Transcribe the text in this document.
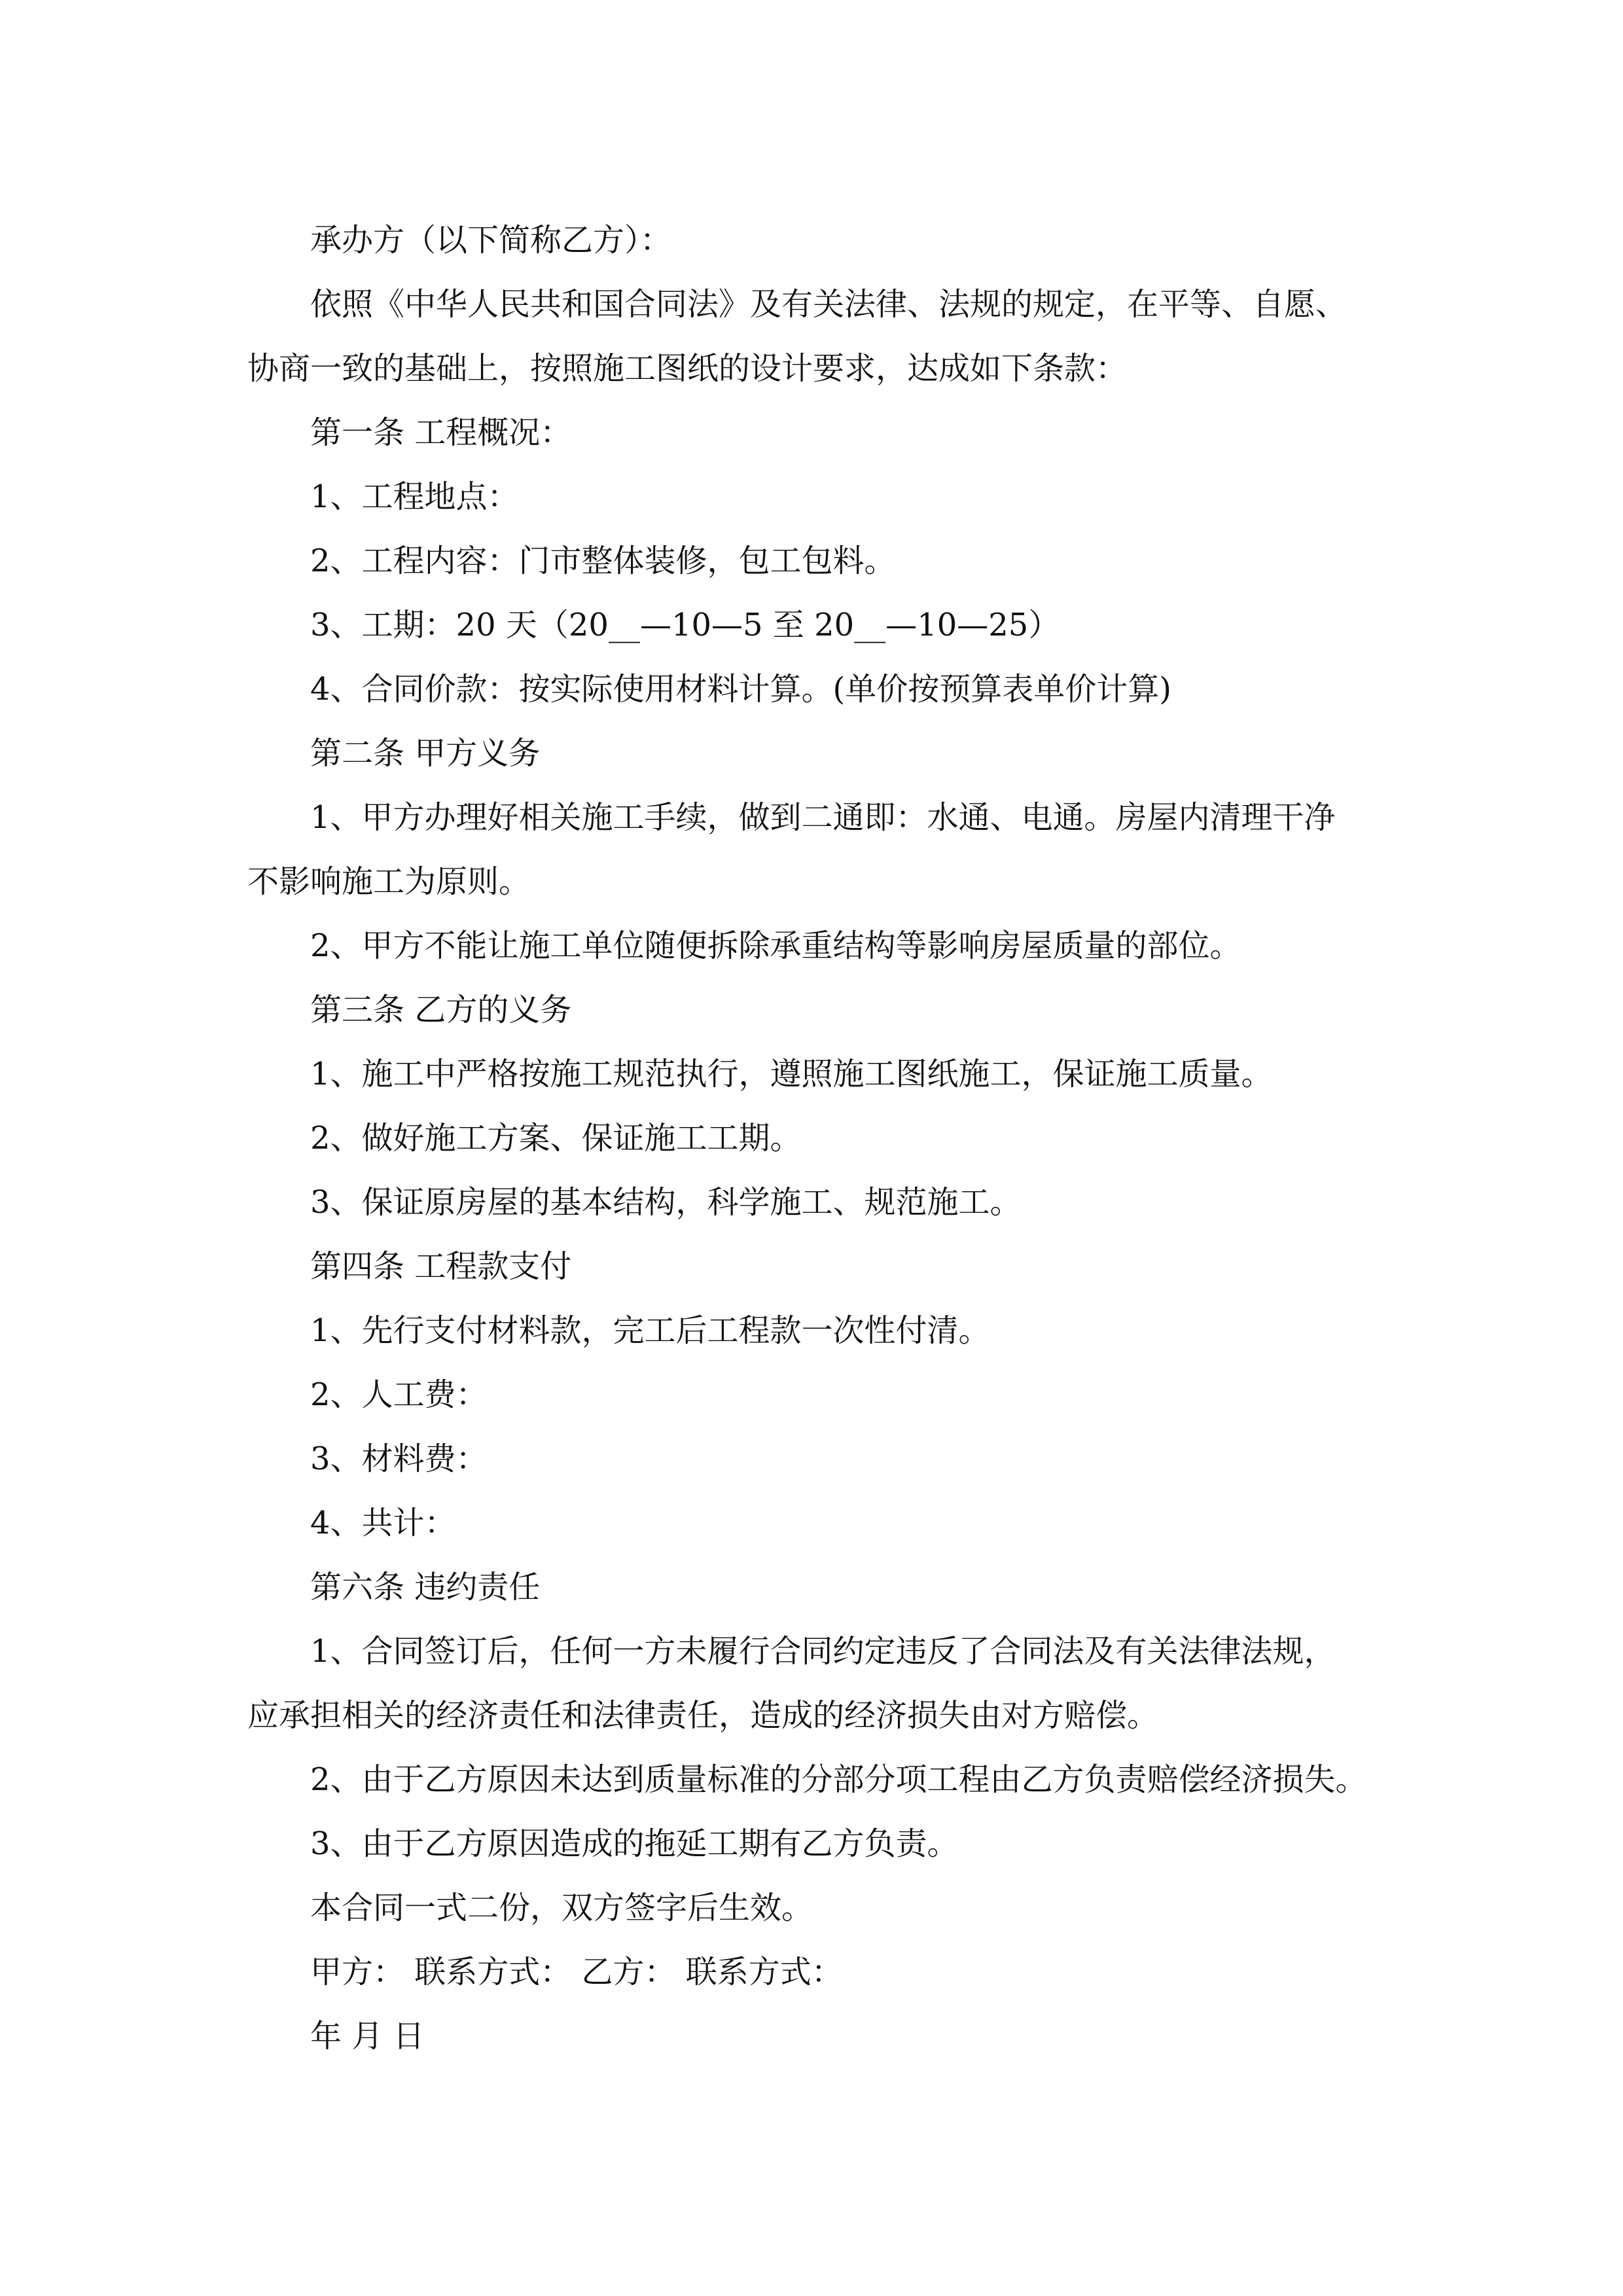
承办方（以下简称乙方）：

依照《中华人民共和国合同法》及有关法律、法规的规定，在平等、自愿、

协商一致的基础上，按照施工图纸的设计要求，达成如下条款：

第一条 工程概况：

1、工程地点：

2、工程内容：门市整体装修，包工包料。

3、工期：20 天（20__—10—5 至 20__—10—25）

4、合同价款：按实际使用材料计算。(单价按预算表单价计算)

第二条 甲方义务

1、甲方办理好相关施工手续，做到二通即：水通、电通。房屋内清理干净

不影响施工为原则。

2、甲方不能让施工单位随便拆除承重结构等影响房屋质量的部位。

第三条 乙方的义务

1、施工中严格按施工规范执行，遵照施工图纸施工，保证施工质量。

2、做好施工方案、保证施工工期。

3、保证原房屋的基本结构，科学施工、规范施工。

第四条 工程款支付

1、先行支付材料款，完工后工程款一次性付清。

2、人工费：

3、材料费：

4、共计：

第六条 违约责任

1、合同签订后，任何一方未履行合同约定违反了合同法及有关法律法规，

应承担相关的经济责任和法律责任，造成的经济损失由对方赔偿。

2、由于乙方原因未达到质量标准的分部分项工程由乙方负责赔偿经济损失。

3、由于乙方原因造成的拖延工期有乙方负责。

本合同一式二份，双方签字后生效。

甲方： 联系方式： 乙方： 联系方式：

年 月 日
